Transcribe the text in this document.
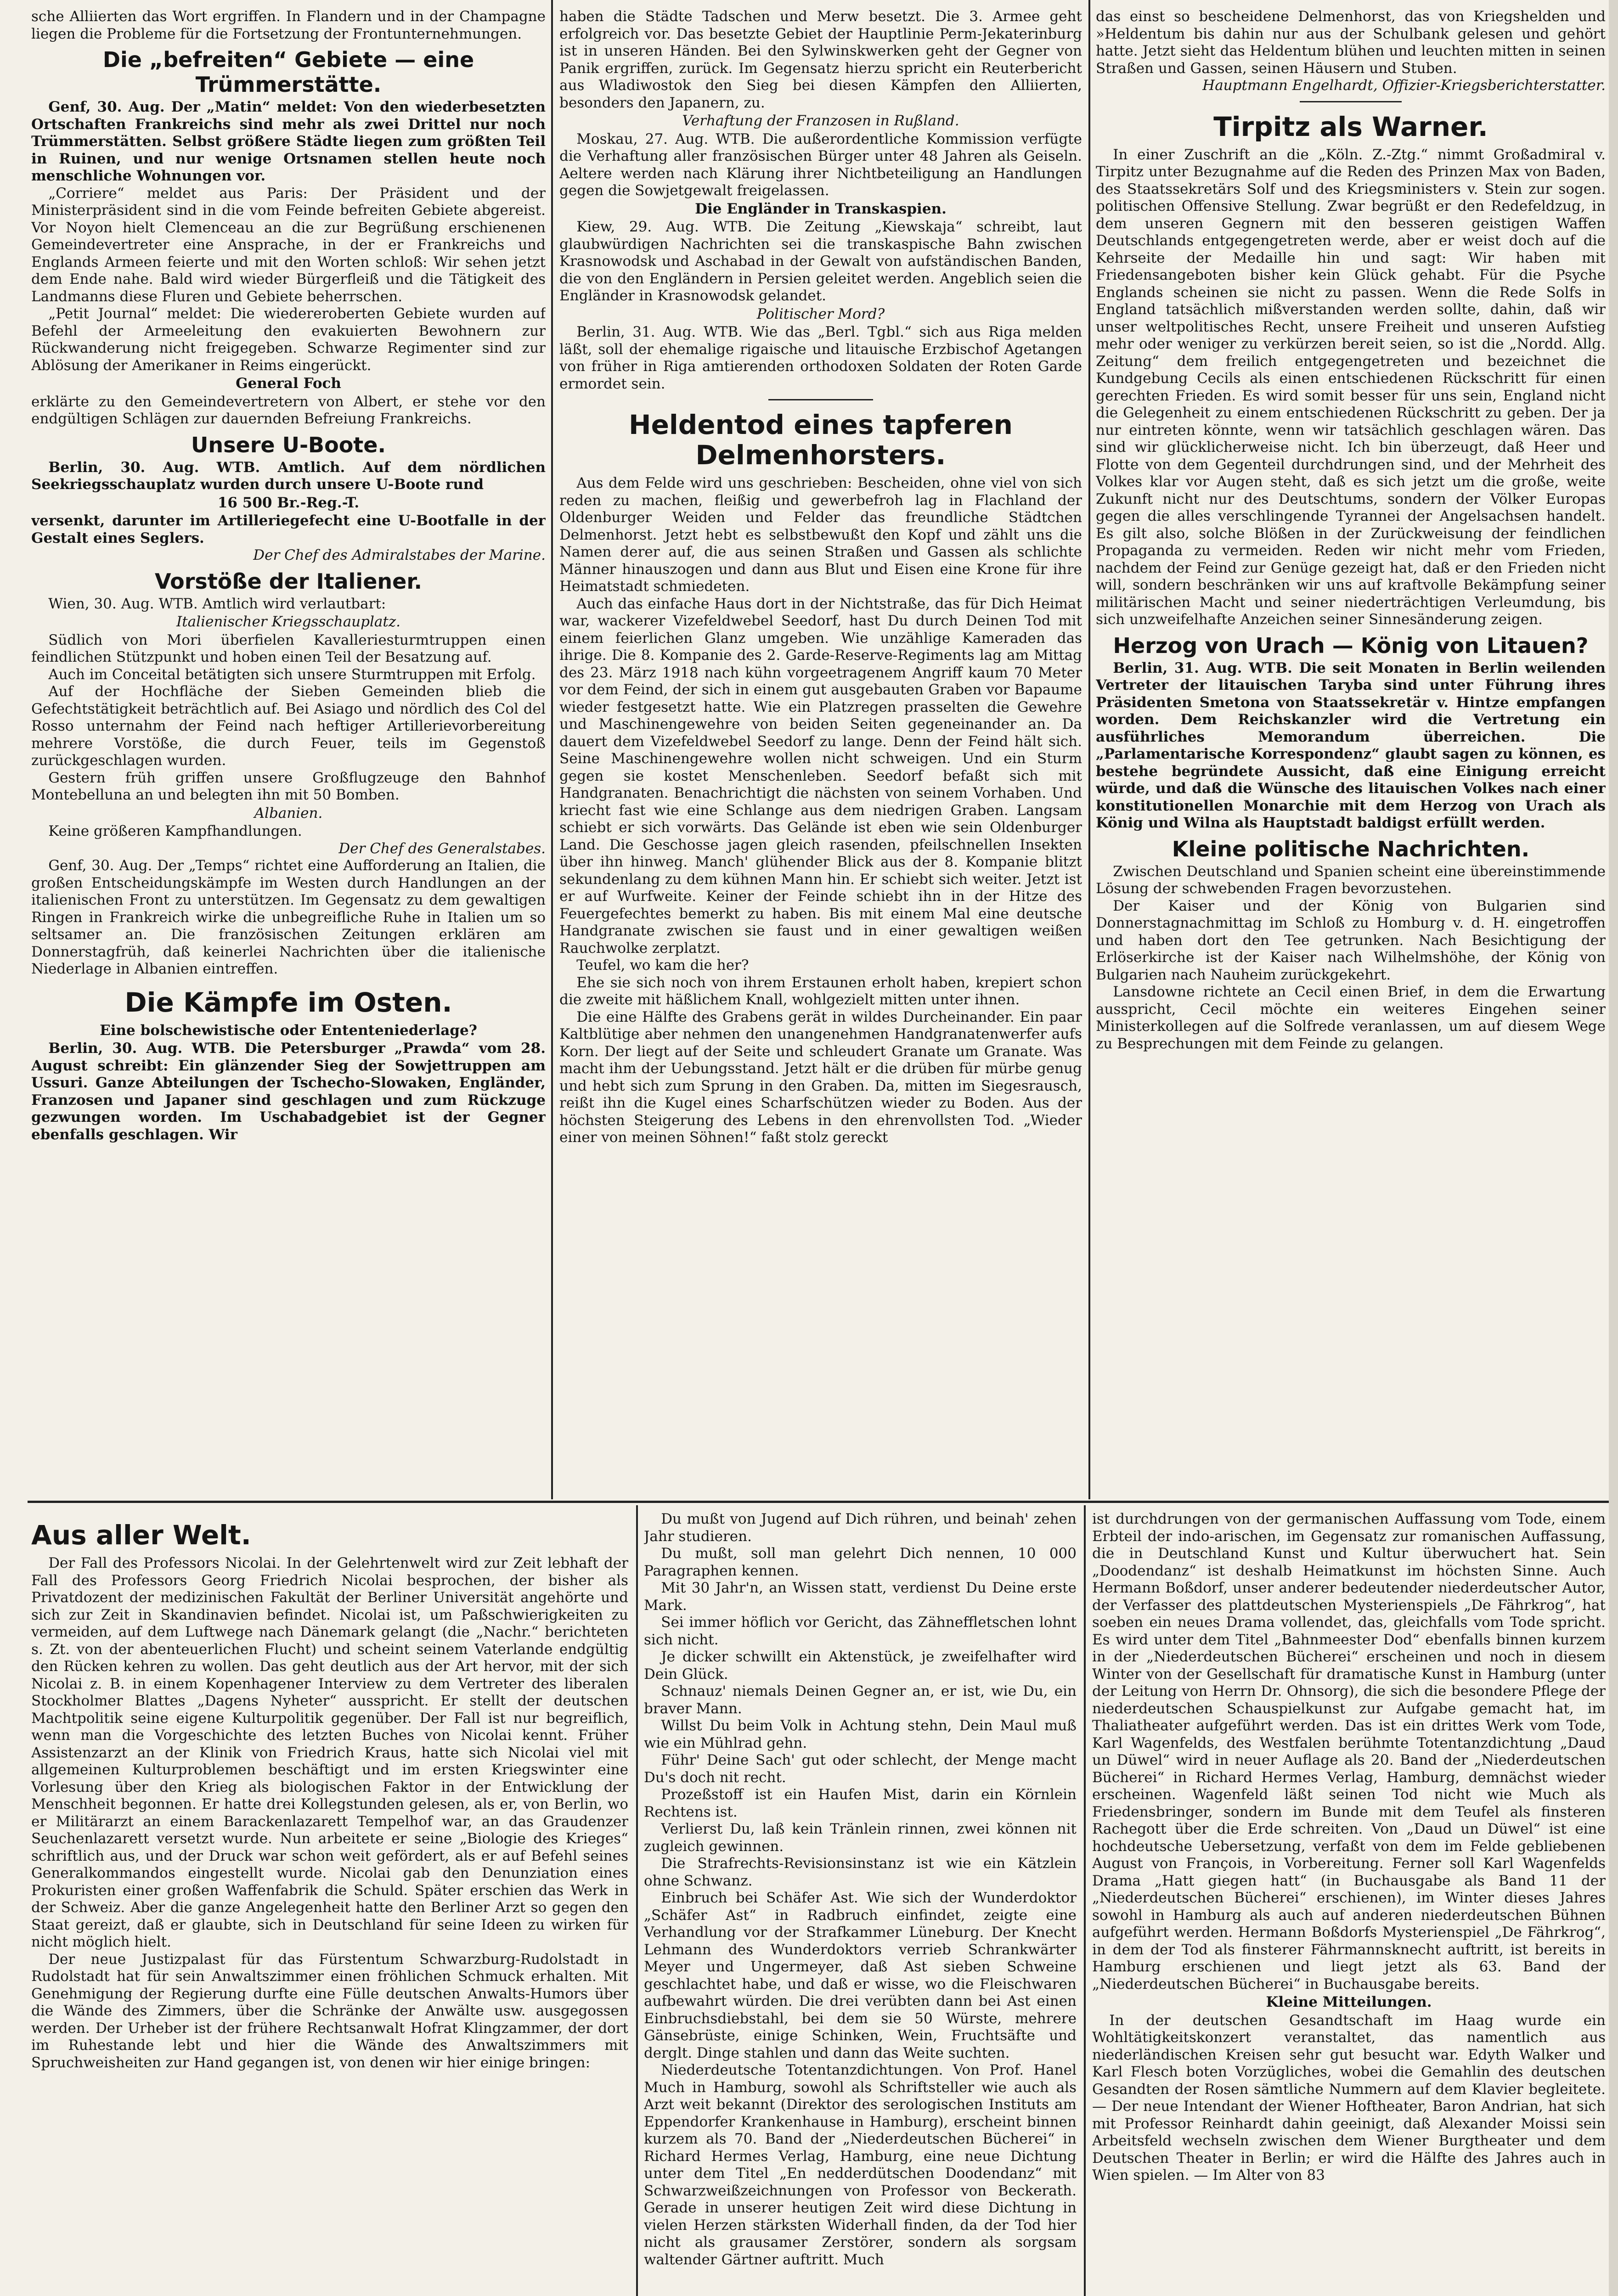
sche Alliierten das Wort ergriffen. In Flandern und in der Champagne liegen die Probleme für die Fortsetzung der Frontunternehmungen.

Die „befreiten“ Gebiete — eine Trümmerstätte.

Genf, 30. Aug. Der „Matin“ meldet: Von den wiederbesetzten Ortschaften Frankreichs sind mehr als zwei Drittel nur noch Trümmerstätten. Selbst größere Städte liegen zum größten Teil in Ruinen, und nur wenige Ortsnamen stellen heute noch menschliche Wohnungen vor.

„Corriere“ meldet aus Paris: Der Präsident und der Ministerpräsident sind in die vom Feinde befreiten Gebiete abgereist. Vor Noyon hielt Clemenceau an die zur Begrüßung erschienenen Gemeindevertreter eine Ansprache, in der er Frankreichs und Englands Armeen feierte und mit den Worten schloß: Wir sehen jetzt dem Ende nahe. Bald wird wieder Bürgerfleiß und die Tätigkeit des Landmanns diese Fluren und Gebiete beherrschen.

„Petit Journal“ meldet: Die wiedereroberten Gebiete wurden auf Befehl der Armeeleitung den evakuierten Bewohnern zur Rückwanderung nicht freigegeben. Schwarze Regimenter sind zur Ablösung der Amerikaner in Reims eingerückt.

General Foch

erklärte zu den Gemeindevertretern von Albert, er stehe vor den endgültigen Schlägen zur dauernden Befreiung Frankreichs.

Unsere U-Boote.

Berlin, 30. Aug. WTB. Amtlich. Auf dem nördlichen Seekriegsschauplatz wurden durch unsere U-Boote rund

16 500 Br.-Reg.-T.

versenkt, darunter im Artilleriegefecht eine U-Bootfalle in der Gestalt eines Seglers.

Der Chef des Admiralstabes der Marine.
Vorstöße der Italiener.

Wien, 30. Aug. WTB. Amtlich wird verlautbart:

Italienischer Kriegsschauplatz.

Südlich von Mori überfielen Kavalleriesturmtruppen einen feindlichen Stützpunkt und hoben einen Teil der Besatzung auf.

Auch im Conceital betätigten sich unsere Sturmtruppen mit Erfolg.

Auf der Hochfläche der Sieben Gemeinden blieb die Gefechtstätigkeit beträchtlich auf. Bei Asiago und nördlich des Col del Rosso unternahm der Feind nach heftiger Artillerievorbereitung mehrere Vorstöße, die durch Feuer, teils im Gegenstoß zurückgeschlagen wurden.

Gestern früh griffen unsere Großflugzeuge den Bahnhof Montebelluna an und belegten ihn mit 50 Bomben.

Albanien.

Keine größeren Kampfhandlungen.

Der Chef des Generalstabes.

Genf, 30. Aug. Der „Temps“ richtet eine Aufforderung an Italien, die großen Entscheidungskämpfe im Westen durch Handlungen an der italienischen Front zu unterstützen. Im Gegensatz zu dem gewaltigen Ringen in Frankreich wirke die unbegreifliche Ruhe in Italien um so seltsamer an. Die französischen Zeitungen erklären am Donnerstagfrüh, daß keinerlei Nachrichten über die italienische Niederlage in Albanien eintreffen.

Die Kämpfe im Osten.
Eine bolschewistische oder Ententeniederlage?

Berlin, 30. Aug. WTB. Die Petersburger „Prawda“ vom 28. August schreibt: Ein glänzender Sieg der Sowjettruppen am Ussuri. Ganze Abteilungen der Tschecho-Slowaken, Engländer, Franzosen und Japaner sind geschlagen und zum Rückzuge gezwungen worden. Im Uschabadgebiet ist der Gegner ebenfalls geschlagen. Wir

haben die Städte Tadschen und Merw besetzt. Die 3. Armee geht erfolgreich vor. Das besetzte Gebiet der Hauptlinie Perm-Jekaterinburg ist in unseren Händen. Bei den Sylwinskwerken geht der Gegner von Panik ergriffen, zurück. Im Gegensatz hierzu spricht ein Reuterbericht aus Wladiwostok den Sieg bei diesen Kämpfen den Alliierten, besonders den Japanern, zu.

Verhaftung der Franzosen in Rußland.

Moskau, 27. Aug. WTB. Die außerordentliche Kommission verfügte die Verhaftung aller französischen Bürger unter 48 Jahren als Geiseln. Aeltere werden nach Klärung ihrer Nichtbeteiligung an Handlungen gegen die Sowjetgewalt freigelassen.

Die Engländer in Transkaspien.

Kiew, 29. Aug. WTB. Die Zeitung „Kiewskaja“ schreibt, laut glaubwürdigen Nachrichten sei die transkaspische Bahn zwischen Krasnowodsk und Aschabad in der Gewalt von aufständischen Banden, die von den Engländern in Persien geleitet werden. Angeblich seien die Engländer in Krasnowodsk gelandet.

Politischer Mord?

Berlin, 31. Aug. WTB. Wie das „Berl. Tgbl.“ sich aus Riga melden läßt, soll der ehemalige rigaische und litauische Erzbischof Agetangen von früher in Riga amtierenden orthodoxen Soldaten der Roten Garde ermordet sein.

Heldentod eines tapferen Delmenhorsters.

Aus dem Felde wird uns geschrieben: Bescheiden, ohne viel von sich reden zu machen, fleißig und gewerbefroh lag in Flachland der Oldenburger Weiden und Felder das freundliche Städtchen Delmenhorst. Jetzt hebt es selbstbewußt den Kopf und zählt uns die Namen derer auf, die aus seinen Straßen und Gassen als schlichte Männer hinauszogen und dann aus Blut und Eisen eine Krone für ihre Heimatstadt schmiedeten.

Auch das einfache Haus dort in der Nichtstraße, das für Dich Heimat war, wackerer Vizefeldwebel Seedorf, hast Du durch Deinen Tod mit einem feierlichen Glanz umgeben. Wie unzählige Kameraden das ihrige. Die 8. Kompanie des 2. Garde-Reserve-Regiments lag am Mittag des 23. März 1918 nach kühn vorgeetragenem Angriff kaum 70 Meter vor dem Feind, der sich in einem gut ausgebauten Graben vor Bapaume wieder festgesetzt hatte. Wie ein Platzregen prasselten die Gewehre und Maschinengewehre von beiden Seiten gegeneinander an. Da dauert dem Vizefeldwebel Seedorf zu lange. Denn der Feind hält sich. Seine Maschinengewehre wollen nicht schweigen. Und ein Sturm gegen sie kostet Menschenleben. Seedorf befaßt sich mit Handgranaten. Benachrichtigt die nächsten von seinem Vorhaben. Und kriecht fast wie eine Schlange aus dem niedrigen Graben. Langsam schiebt er sich vorwärts. Das Gelände ist eben wie sein Oldenburger Land. Die Geschosse jagen gleich rasenden, pfeilschnellen Insekten über ihn hinweg. Manch' glühender Blick aus der 8. Kompanie blitzt sekundenlang zu dem kühnen Mann hin. Er schiebt sich weiter. Jetzt ist er auf Wurfweite. Keiner der Feinde schiebt ihn in der Hitze des Feuergefechtes bemerkt zu haben. Bis mit einem Mal eine deutsche Handgranate zwischen sie faust und in einer gewaltigen weißen Rauchwolke zerplatzt.

Teufel, wo kam die her?

Ehe sie sich noch von ihrem Erstaunen erholt haben, krepiert schon die zweite mit häßlichem Knall, wohlgezielt mitten unter ihnen.

Die eine Hälfte des Grabens gerät in wildes Durcheinander. Ein paar Kaltblütige aber nehmen den unangenehmen Handgranatenwerfer aufs Korn. Der liegt auf der Seite und schleudert Granate um Granate. Was macht ihm der Uebungsstand. Jetzt hält er die drüben für mürbe genug und hebt sich zum Sprung in den Graben. Da, mitten im Siegesrausch, reißt ihn die Kugel eines Scharfschützen wieder zu Boden. Aus der höchsten Steigerung des Lebens in den ehrenvollsten Tod. „Wieder einer von meinen Söhnen!“ faßt stolz gereckt

das einst so bescheidene Delmenhorst, das von Kriegshelden und »Heldentum bis dahin nur aus der Schulbank gelesen und gehört hatte. Jetzt sieht das Heldentum blühen und leuchten mitten in seinen Straßen und Gassen, seinen Häusern und Stuben.

Hauptmann Engelhardt, Offizier-Kriegsberichterstatter.
Tirpitz als Warner.

In einer Zuschrift an die „Köln. Z.-Ztg.“ nimmt Großadmiral v. Tirpitz unter Bezugnahme auf die Reden des Prinzen Max von Baden, des Staatssekretärs Solf und des Kriegsministers v. Stein zur sogen. politischen Offensive Stellung. Zwar begrüßt er den Redefeldzug, in dem unseren Gegnern mit den besseren geistigen Waffen Deutschlands entgegengetreten werde, aber er weist doch auf die Kehrseite der Medaille hin und sagt: Wir haben mit Friedensangeboten bisher kein Glück gehabt. Für die Psyche Englands scheinen sie nicht zu passen. Wenn die Rede Solfs in England tatsächlich mißverstanden werden sollte, dahin, daß wir unser weltpolitisches Recht, unsere Freiheit und unseren Aufstieg mehr oder weniger zu verkürzen bereit seien, so ist die „Nordd. Allg. Zeitung“ dem freilich entgegengetreten und bezeichnet die Kundgebung Cecils als einen entschiedenen Rückschritt für einen gerechten Frieden. Es wird somit besser für uns sein, England nicht die Gelegenheit zu einem entschiedenen Rückschritt zu geben. Der ja nur eintreten könnte, wenn wir tatsächlich geschlagen wären. Das sind wir glücklicherweise nicht. Ich bin überzeugt, daß Heer und Flotte von dem Gegenteil durchdrungen sind, und der Mehrheit des Volkes klar vor Augen steht, daß es sich jetzt um die große, weite Zukunft nicht nur des Deutschtums, sondern der Völker Europas gegen die alles verschlingende Tyrannei der Angelsachsen handelt. Es gilt also, solche Blößen in der Zurückweisung der feindlichen Propaganda zu vermeiden. Reden wir nicht mehr vom Frieden, nachdem der Feind zur Genüge gezeigt hat, daß er den Frieden nicht will, sondern beschränken wir uns auf kraftvolle Bekämpfung seiner militärischen Macht und seiner niederträchtigen Verleumdung, bis sich unzweifelhafte Anzeichen seiner Sinnesänderung zeigen.

Herzog von Urach — König von Litauen?

Berlin, 31. Aug. WTB. Die seit Monaten in Berlin weilenden Vertreter der litauischen Taryba sind unter Führung ihres Präsidenten Smetona von Staatssekretär v. Hintze empfangen worden. Dem Reichskanzler wird die Vertretung ein ausführliches Memorandum überreichen. Die „Parlamentarische Korrespondenz“ glaubt sagen zu können, es bestehe begründete Aussicht, daß eine Einigung erreicht würde, und daß die Wünsche des litauischen Volkes nach einer konstitutionellen Monarchie mit dem Herzog von Urach als König und Wilna als Hauptstadt baldigst erfüllt werden.

Kleine politische Nachrichten.

Zwischen Deutschland und Spanien scheint eine übereinstimmende Lösung der schwebenden Fragen bevorzustehen.

Der Kaiser und der König von Bulgarien sind Donnerstagnachmittag im Schloß zu Homburg v. d. H. eingetroffen und haben dort den Tee getrunken. Nach Besichtigung der Erlöserkirche ist der Kaiser nach Wilhelmshöhe, der König von Bulgarien nach Nauheim zurückgekehrt.

Lansdowne richtete an Cecil einen Brief, in dem die Erwartung ausspricht, Cecil möchte ein weiteres Eingehen seiner Ministerkollegen auf die Solfrede veranlassen, um auf diesem Wege zu Besprechungen mit dem Feinde zu gelangen.

Aus aller Welt.

Der Fall des Professors Nicolai. In der Gelehrtenwelt wird zur Zeit lebhaft der Fall des Professors Georg Friedrich Nicolai besprochen, der bisher als Privatdozent der medizinischen Fakultät der Berliner Universität angehörte und sich zur Zeit in Skandinavien befindet. Nicolai ist, um Paßschwierigkeiten zu vermeiden, auf dem Luftwege nach Dänemark gelangt (die „Nachr.“ berichteten s. Zt. von der abenteuerlichen Flucht) und scheint seinem Vaterlande endgültig den Rücken kehren zu wollen. Das geht deutlich aus der Art hervor, mit der sich Nicolai z. B. in einem Kopenhagener Interview zu dem Vertreter des liberalen Stockholmer Blattes „Dagens Nyheter“ ausspricht. Er stellt der deutschen Machtpolitik seine eigene Kulturpolitik gegenüber. Der Fall ist nur begreiflich, wenn man die Vorgeschichte des letzten Buches von Nicolai kennt. Früher Assistenzarzt an der Klinik von Friedrich Kraus, hatte sich Nicolai viel mit allgemeinen Kulturproblemen beschäftigt und im ersten Kriegswinter eine Vorlesung über den Krieg als biologischen Faktor in der Entwicklung der Menschheit begonnen. Er hatte drei Kollegstunden gelesen, als er, von Berlin, wo er Militärarzt an einem Barackenlazarett Tempelhof war, an das Graudenzer Seuchenlazarett versetzt wurde. Nun arbeitete er seine „Biologie des Krieges“ schriftlich aus, und der Druck war schon weit gefördert, als er auf Befehl seines Generalkommandos eingestellt wurde. Nicolai gab den Denunziation eines Prokuristen einer großen Waffenfabrik die Schuld. Später erschien das Werk in der Schweiz. Aber die ganze Angelegenheit hatte den Berliner Arzt so gegen den Staat gereizt, daß er glaubte, sich in Deutschland für seine Ideen zu wirken für nicht möglich hielt.

Der neue Justizpalast für das Fürstentum Schwarzburg-Rudolstadt in Rudolstadt hat für sein Anwaltszimmer einen fröhlichen Schmuck erhalten. Mit Genehmigung der Regierung durfte eine Fülle deutschen Anwalts-Humors über die Wände des Zimmers, über die Schränke der Anwälte usw. ausgegossen werden. Der Urheber ist der frühere Rechtsanwalt Hofrat Klingzammer, der dort im Ruhestande lebt und hier die Wände des Anwaltszimmers mit Spruchweisheiten zur Hand gegangen ist, von denen wir hier einige bringen:

Du mußt von Jugend auf Dich rühren, und beinah' zehen Jahr studieren.

Du mußt, soll man gelehrt Dich nennen, 10 000 Paragraphen kennen.

Mit 30 Jahr'n, an Wissen statt, verdienst Du Deine erste Mark.

Sei immer höflich vor Gericht, das Zähneffletschen lohnt sich nicht.

Je dicker schwillt ein Aktenstück, je zweifelhafter wird Dein Glück.

Schnauz' niemals Deinen Gegner an, er ist, wie Du, ein braver Mann.

Willst Du beim Volk in Achtung stehn, Dein Maul muß wie ein Mühlrad gehn.

Führ' Deine Sach' gut oder schlecht, der Menge macht Du's doch nit recht.

Prozeßstoff ist ein Haufen Mist, darin ein Körnlein Rechtens ist.

Verlierst Du, laß kein Tränlein rinnen, zwei können nit zugleich gewinnen.

Die Strafrechts-Revisionsinstanz ist wie ein Kätzlein ohne Schwanz.

Einbruch bei Schäfer Ast. Wie sich der Wunderdoktor „Schäfer Ast“ in Radbruch einfindet, zeigte eine Verhandlung vor der Strafkammer Lüneburg. Der Knecht Lehmann des Wunderdoktors verrieb Schrankwärter Meyer und Ungermeyer, daß Ast sieben Schweine geschlachtet habe, und daß er wisse, wo die Fleischwaren aufbewahrt würden. Die drei verübten dann bei Ast einen Einbruchsdiebstahl, bei dem sie 50 Würste, mehrere Gänsebrüste, einige Schinken, Wein, Fruchtsäfte und derglt. Dinge stahlen und dann das Weite suchten.

Niederdeutsche Totentanzdichtungen. Von Prof. Hanel Much in Hamburg, sowohl als Schriftsteller wie auch als Arzt weit bekannt (Direktor des serologischen Instituts am Eppendorfer Krankenhause in Hamburg), erscheint binnen kurzem als 70. Band der „Niederdeutschen Bücherei“ in Richard Hermes Verlag, Hamburg, eine neue Dichtung unter dem Titel „En nedderdütschen Doodendanz“ mit Schwarzweißzeichnungen von Professor von Beckerath. Gerade in unserer heutigen Zeit wird diese Dichtung in vielen Herzen stärksten Widerhall finden, da der Tod hier nicht als grausamer Zerstörer, sondern als sorgsam waltender Gärtner auftritt. Much

ist durchdrungen von der germanischen Auffassung vom Tode, einem Erbteil der indo-arischen, im Gegensatz zur romanischen Auffassung, die in Deutschland Kunst und Kultur überwuchert hat. Sein „Doodendanz“ ist deshalb Heimatkunst im höchsten Sinne. Auch Hermann Boßdorf, unser anderer bedeutender niederdeutscher Autor, der Verfasser des plattdeutschen Mysterienspiels „De Fährkrog“, hat soeben ein neues Drama vollendet, das, gleichfalls vom Tode spricht. Es wird unter dem Titel „Bahnmeester Dod“ ebenfalls binnen kurzem in der „Niederdeutschen Bücherei“ erscheinen und noch in diesem Winter von der Gesellschaft für dramatische Kunst in Hamburg (unter der Leitung von Herrn Dr. Ohnsorg), die sich die besondere Pflege der niederdeutschen Schauspielkunst zur Aufgabe gemacht hat, im Thaliatheater aufgeführt werden. Das ist ein drittes Werk vom Tode, Karl Wagenfelds, des Westfalen berühmte Totentanzdichtung „Daud un Düwel“ wird in neuer Auflage als 20. Band der „Niederdeutschen Bücherei“ in Richard Hermes Verlag, Hamburg, demnächst wieder erscheinen. Wagenfeld läßt seinen Tod nicht wie Much als Friedensbringer, sondern im Bunde mit dem Teufel als finsteren Rachegott über die Erde schreiten. Von „Daud un Düwel“ ist eine hochdeutsche Uebersetzung, verfaßt von dem im Felde gebliebenen August von François, in Vorbereitung. Ferner soll Karl Wagenfelds Drama „Hatt giegen hatt“ (in Buchausgabe als Band 11 der „Niederdeutschen Bücherei“ erschienen), im Winter dieses Jahres sowohl in Hamburg als auch auf anderen niederdeutschen Bühnen aufgeführt werden. Hermann Boßdorfs Mysterienspiel „De Fährkrog“, in dem der Tod als finsterer Fährmannsknecht auftritt, ist bereits in Hamburg erschienen und liegt jetzt als 63. Band der „Niederdeutschen Bücherei“ in Buchausgabe bereits.

Kleine Mitteilungen.

In der deutschen Gesandtschaft im Haag wurde ein Wohltätigkeitskonzert veranstaltet, das namentlich aus niederländischen Kreisen sehr gut besucht war. Edyth Walker und Karl Flesch boten Vorzügliches, wobei die Gemahlin des deutschen Gesandten der Rosen sämtliche Nummern auf dem Klavier begleitete. — Der neue Intendant der Wiener Hoftheater, Baron Andrian, hat sich mit Professor Reinhardt dahin geeinigt, daß Alexander Moissi sein Arbeitsfeld wechseln zwischen dem Wiener Burgtheater und dem Deutschen Theater in Berlin; er wird die Hälfte des Jahres auch in Wien spielen. — Im Alter von 83
